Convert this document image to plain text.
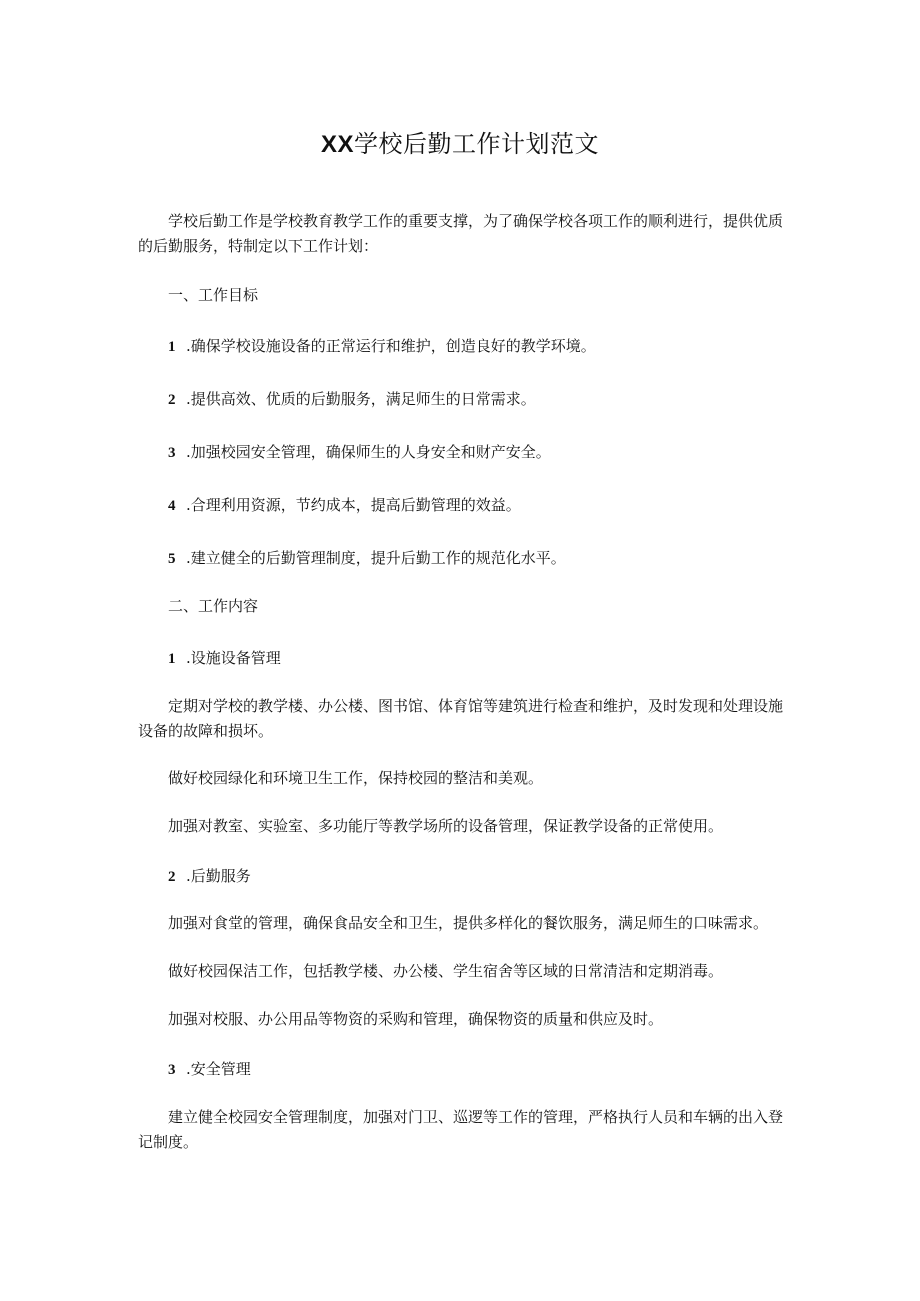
XX学校后勤工作计划范文

学校后勤工作是学校教育教学工作的重要支撑，为了确保学校各项工作的顺利进行，提供优质的后勤服务，特制定以下工作计划：

一、工作目标

1 .确保学校设施设备的正常运行和维护，创造良好的教学环境。

2 .提供高效、优质的后勤服务，满足师生的日常需求。

3 .加强校园安全管理，确保师生的人身安全和财产安全。

4 .合理利用资源，节约成本，提高后勤管理的效益。

5 .建立健全的后勤管理制度，提升后勤工作的规范化水平。

二、工作内容

1 .设施设备管理

定期对学校的教学楼、办公楼、图书馆、体育馆等建筑进行检查和维护，及时发现和处理设施设备的故障和损坏。

做好校园绿化和环境卫生工作，保持校园的整洁和美观。

加强对教室、实验室、多功能厅等教学场所的设备管理，保证教学设备的正常使用。

2 .后勤服务

加强对食堂的管理，确保食品安全和卫生，提供多样化的餐饮服务，满足师生的口味需求。

做好校园保洁工作，包括教学楼、办公楼、学生宿舍等区域的日常清洁和定期消毒。

加强对校服、办公用品等物资的采购和管理，确保物资的质量和供应及时。

3 .安全管理

建立健全校园安全管理制度，加强对门卫、巡逻等工作的管理，严格执行人员和车辆的出入登记制度。
